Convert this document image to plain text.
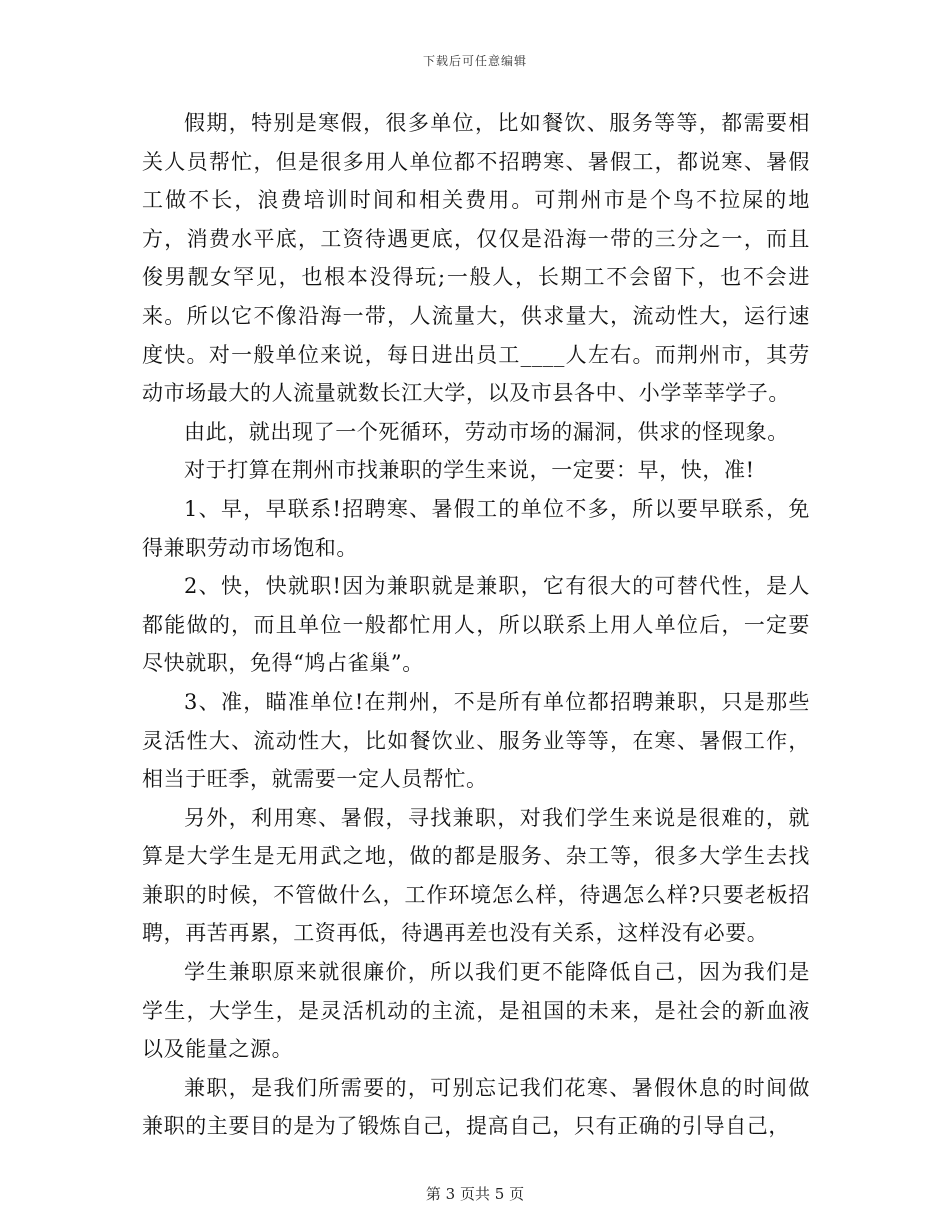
下载后可任意编辑

假期，特别是寒假，很多单位，比如餐饮、服务等等，都需要相关人员帮忙，但是很多用人单位都不招聘寒、暑假工，都说寒、暑假工做不长，浪费培训时间和相关费用。可荆州市是个鸟不拉屎的地方，消费水平底，工资待遇更底，仅仅是沿海一带的三分之一，而且俊男靓女罕见，也根本没得玩;一般人，长期工不会留下，也不会进来。所以它不像沿海一带，人流量大，供求量大，流动性大，运行速度快。对一般单位来说，每日进出员工____人左右。而荆州市，其劳动市场最大的人流量就数长江大学，以及市县各中、小学莘莘学子。

由此，就出现了一个死循环，劳动市场的漏洞，供求的怪现象。

对于打算在荆州市找兼职的学生来说，一定要：早，快，准!

1、早，早联系!招聘寒、暑假工的单位不多，所以要早联系，免得兼职劳动市场饱和。

2、快，快就职!因为兼职就是兼职，它有很大的可替代性，是人都能做的，而且单位一般都忙用人，所以联系上用人单位后，一定要尽快就职，免得“鸠占雀巢”。

3、准，瞄准单位!在荆州，不是所有单位都招聘兼职，只是那些灵活性大、流动性大，比如餐饮业、服务业等等，在寒、暑假工作，相当于旺季，就需要一定人员帮忙。

另外，利用寒、暑假，寻找兼职，对我们学生来说是很难的，就算是大学生是无用武之地，做的都是服务、杂工等，很多大学生去找兼职的时候，不管做什么，工作环境怎么样，待遇怎么样?只要老板招聘，再苦再累，工资再低，待遇再差也没有关系，这样没有必要。

学生兼职原来就很廉价，所以我们更不能降低自己，因为我们是学生，大学生，是灵活机动的主流，是祖国的未来，是社会的新血液以及能量之源。

兼职，是我们所需要的，可别忘记我们花寒、暑假休息的时间做兼职的主要目的是为了锻炼自己，提高自己，只有正确的引导自己，

第 3 页共 5 页
